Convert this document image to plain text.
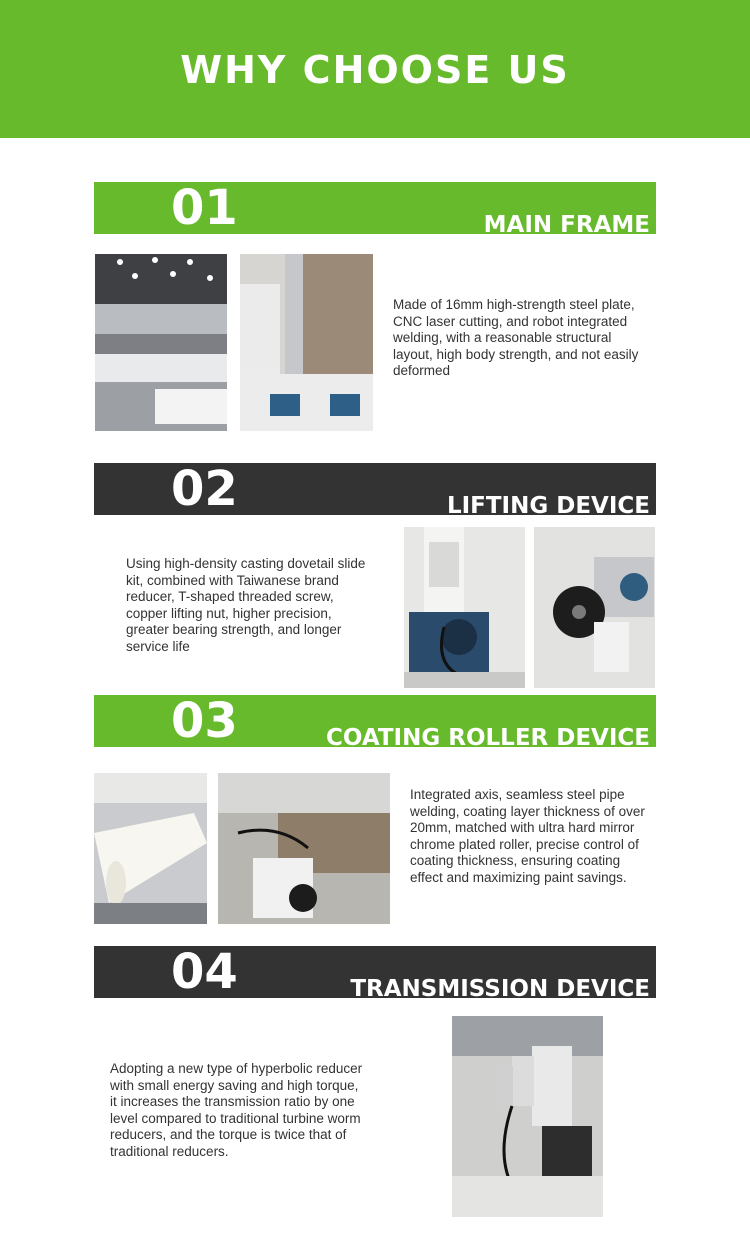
WHY CHOOSE US
01	MAIN FRAME
Made of 16mm high-strength steel plate, CNC laser cutting, and robot integrated welding, with a reasonable structural layout, high body strength, and not easily deformed
02	LIFTING DEVICE
Using high-density casting dovetail slide kit, combined with Taiwanese brand reducer, T-shaped threaded screw, copper lifting nut, higher precision, greater bearing strength, and longer service life
03	COATING ROLLER DEVICE
Integrated axis, seamless steel pipe welding, coating layer thickness of over 20mm, matched with ultra hard mirror chrome plated roller, precise control of coating thickness, ensuring coating effect and maximizing paint savings.
04	TRANSMISSION DEVICE
Adopting a new type of hyperbolic reducer with small energy saving and high torque, it increases the transmission ratio by one level compared to traditional turbine worm reducers, and the torque is twice that of traditional reducers.
